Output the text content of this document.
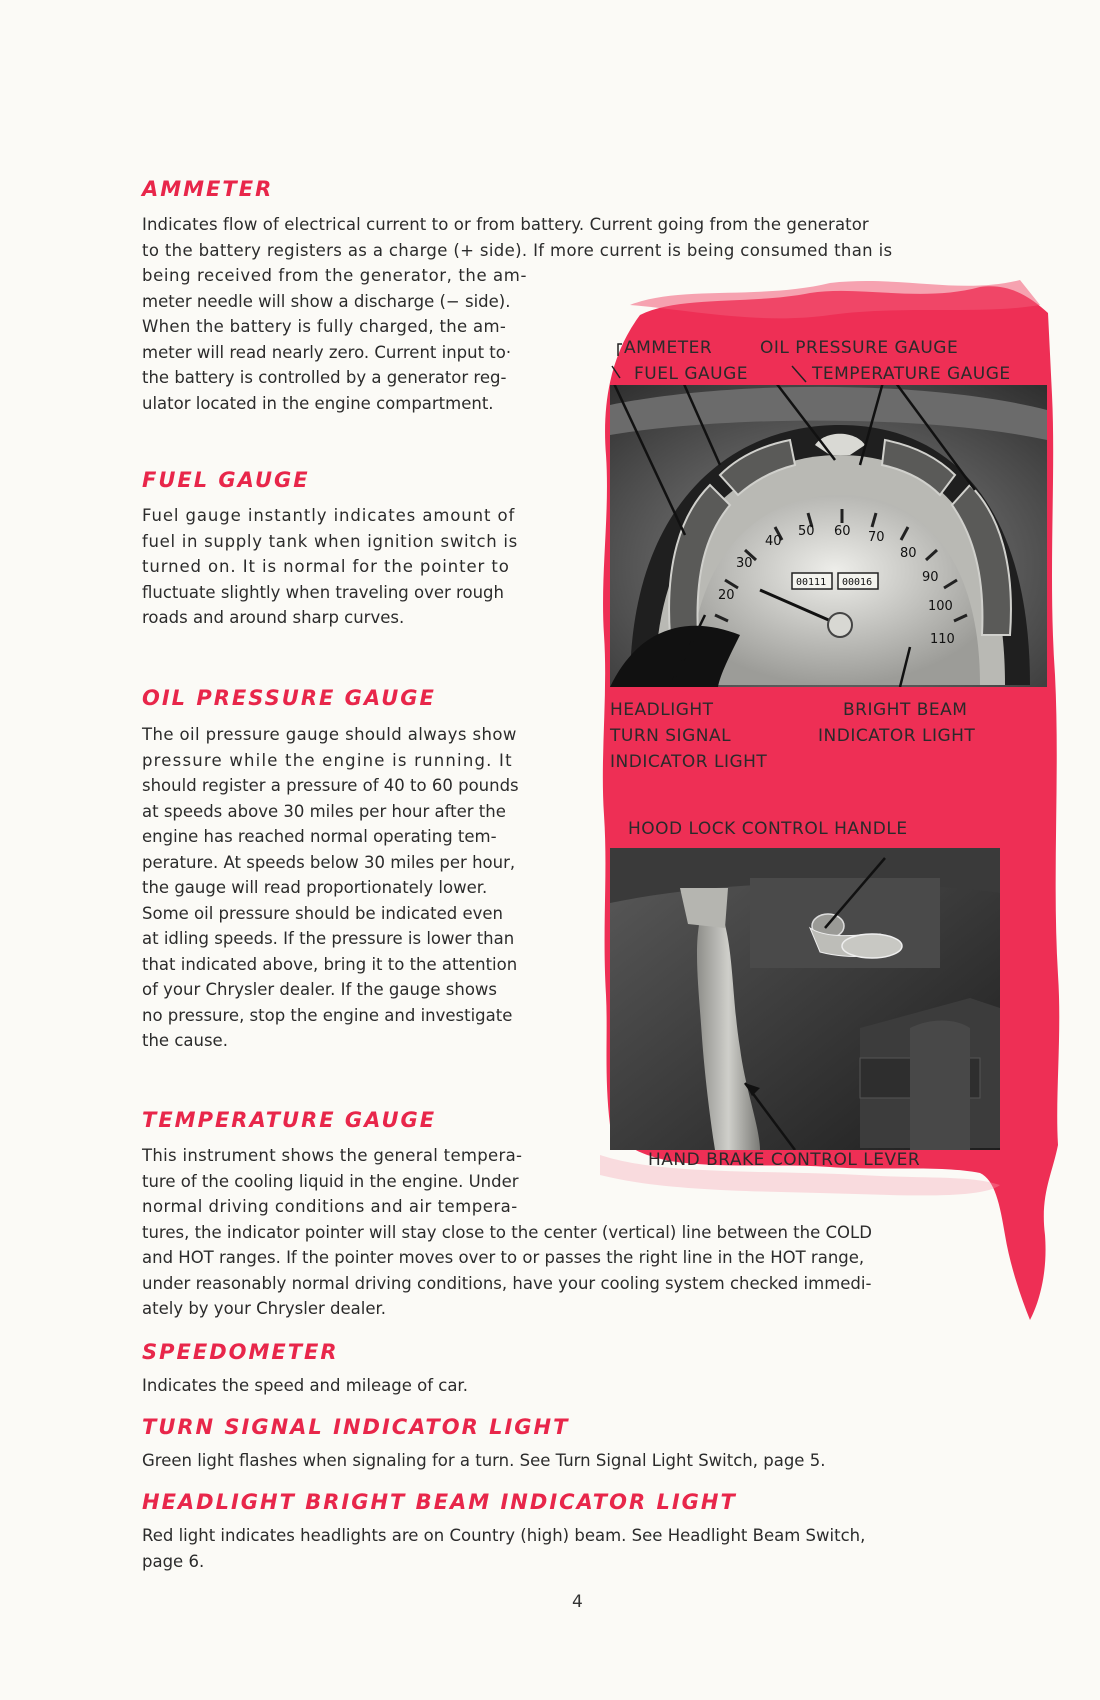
20
30
40
50 60 70
80
90
100
110
00111 00016
AMMETER	OIL PRESSURE GAUGE
FUEL GAUGE	TEMPERATURE GAUGE
HEADLIGHT
TURN SIGNAL
INDICATOR LIGHT
BRIGHT BEAM
INDICATOR LIGHT
HOOD LOCK CONTROL HANDLE
HAND BRAKE CONTROL LEVER
AMMETER
Indicates flow of electrical current to or from battery. Current going from the generator
to the battery registers as a charge (+ side). If more current is being consumed than is
being received from the generator, the am-
meter needle will show a discharge (− side).
When the battery is fully charged, the am-
meter will read nearly zero. Current input to·
the battery is controlled by a generator reg-
ulator located in the engine compartment.
FUEL GAUGE
Fuel gauge instantly indicates amount of
fuel in supply tank when ignition switch is
turned on. It is normal for the pointer to
fluctuate slightly when traveling over rough
roads and around sharp curves.
OIL PRESSURE GAUGE
The oil pressure gauge should always show
pressure while the engine is running. It
should register a pressure of 40 to 60 pounds
at speeds above 30 miles per hour after the
engine has reached normal operating tem-
perature. At speeds below 30 miles per hour,
the gauge will read proportionately lower.
Some oil pressure should be indicated even
at idling speeds. If the pressure is lower than
that indicated above, bring it to the attention
of your Chrysler dealer. If the gauge shows
no pressure, stop the engine and investigate
the cause.
TEMPERATURE GAUGE
This instrument shows the general tempera-
ture of the cooling liquid in the engine. Under
normal driving conditions and air tempera-
tures, the indicator pointer will stay close to the center (vertical) line between the COLD
and HOT ranges. If the pointer moves over to or passes the right line in the HOT range,
under reasonably normal driving conditions, have your cooling system checked immedi-
ately by your Chrysler dealer.
SPEEDOMETER
Indicates the speed and mileage of car.
TURN SIGNAL INDICATOR LIGHT
Green light flashes when signaling for a turn. See Turn Signal Light Switch, page 5.
HEADLIGHT BRIGHT BEAM INDICATOR LIGHT
Red light indicates headlights are on Country (high) beam. See Headlight Beam Switch,
page 6.
4
